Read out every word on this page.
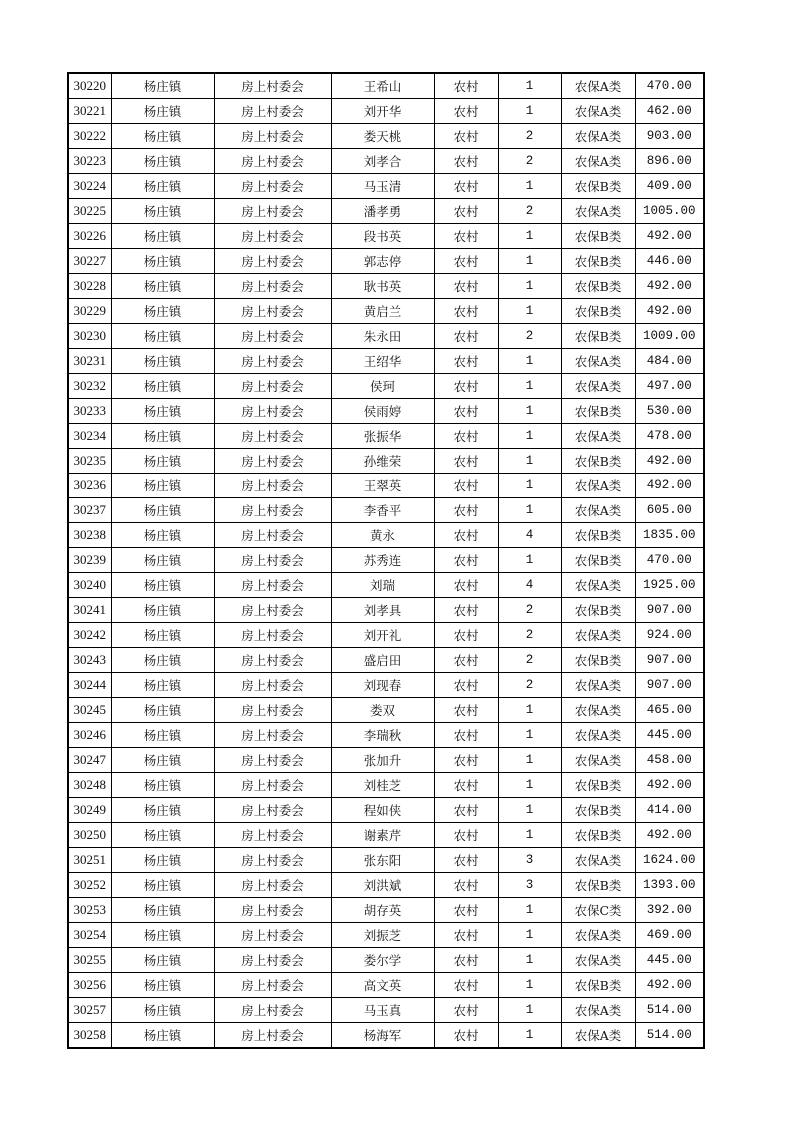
30220	杨庄镇	房上村委会	王希山	农村	1	农保A类	470.00
30221	杨庄镇	房上村委会	刘开华	农村	1	农保A类	462.00
30222	杨庄镇	房上村委会	娄天桃	农村	2	农保A类	903.00
30223	杨庄镇	房上村委会	刘孝合	农村	2	农保A类	896.00
30224	杨庄镇	房上村委会	马玉清	农村	1	农保B类	409.00
30225	杨庄镇	房上村委会	潘孝勇	农村	2	农保A类	1005.00
30226	杨庄镇	房上村委会	段书英	农村	1	农保B类	492.00
30227	杨庄镇	房上村委会	郭志停	农村	1	农保B类	446.00
30228	杨庄镇	房上村委会	耿书英	农村	1	农保B类	492.00
30229	杨庄镇	房上村委会	黄启兰	农村	1	农保B类	492.00
30230	杨庄镇	房上村委会	朱永田	农村	2	农保B类	1009.00
30231	杨庄镇	房上村委会	王绍华	农村	1	农保A类	484.00
30232	杨庄镇	房上村委会	侯珂	农村	1	农保A类	497.00
30233	杨庄镇	房上村委会	侯雨婷	农村	1	农保B类	530.00
30234	杨庄镇	房上村委会	张振华	农村	1	农保A类	478.00
30235	杨庄镇	房上村委会	孙维荣	农村	1	农保B类	492.00
30236	杨庄镇	房上村委会	王翠英	农村	1	农保A类	492.00
30237	杨庄镇	房上村委会	李香平	农村	1	农保A类	605.00
30238	杨庄镇	房上村委会	黄永	农村	4	农保B类	1835.00
30239	杨庄镇	房上村委会	苏秀连	农村	1	农保B类	470.00
30240	杨庄镇	房上村委会	刘瑞	农村	4	农保A类	1925.00
30241	杨庄镇	房上村委会	刘孝具	农村	2	农保B类	907.00
30242	杨庄镇	房上村委会	刘开礼	农村	2	农保A类	924.00
30243	杨庄镇	房上村委会	盛启田	农村	2	农保B类	907.00
30244	杨庄镇	房上村委会	刘现春	农村	2	农保A类	907.00
30245	杨庄镇	房上村委会	娄双	农村	1	农保A类	465.00
30246	杨庄镇	房上村委会	李瑞秋	农村	1	农保A类	445.00
30247	杨庄镇	房上村委会	张加升	农村	1	农保A类	458.00
30248	杨庄镇	房上村委会	刘桂芝	农村	1	农保B类	492.00
30249	杨庄镇	房上村委会	程如侠	农村	1	农保B类	414.00
30250	杨庄镇	房上村委会	谢素芹	农村	1	农保B类	492.00
30251	杨庄镇	房上村委会	张东阳	农村	3	农保A类	1624.00
30252	杨庄镇	房上村委会	刘洪斌	农村	3	农保B类	1393.00
30253	杨庄镇	房上村委会	胡存英	农村	1	农保C类	392.00
30254	杨庄镇	房上村委会	刘振芝	农村	1	农保A类	469.00
30255	杨庄镇	房上村委会	娄尔学	农村	1	农保A类	445.00
30256	杨庄镇	房上村委会	高文英	农村	1	农保B类	492.00
30257	杨庄镇	房上村委会	马玉真	农村	1	农保A类	514.00
30258	杨庄镇	房上村委会	杨海军	农村	1	农保A类	514.00
